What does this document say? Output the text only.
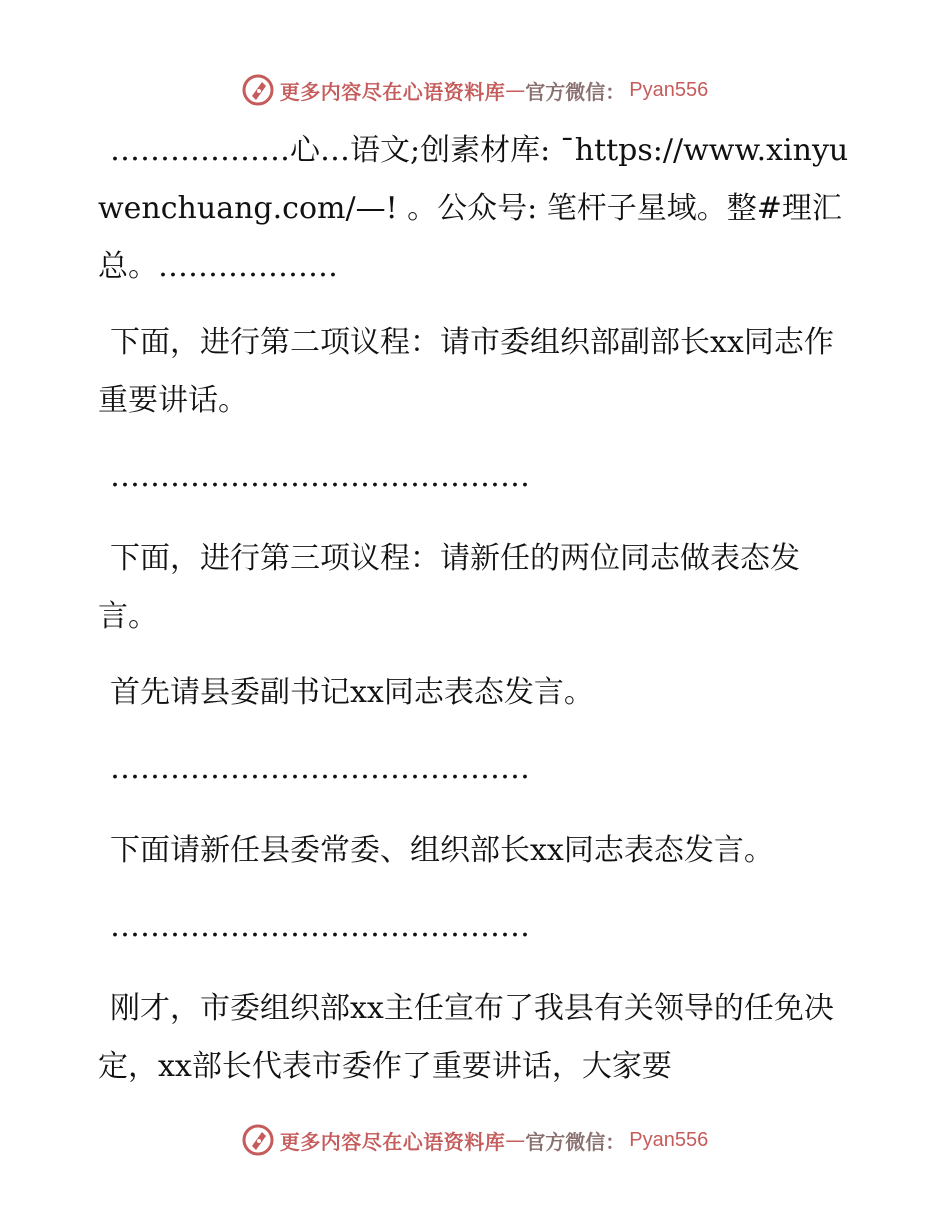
更多内容尽在心语资料库 — 官方微信： Pyan556

………………心…语文;创素材库: ¯https://www.xinyuwenchuang.com/—! 。公众号: 笔杆子星域。整#理汇总。………………

下面，进行第二项议程：请市委组织部副部长xx同志作重要讲话。

……………………………………

下面，进行第三项议程：请新任的两位同志做表态发言。

首先请县委副书记xx同志表态发言。

……………………………………

下面请新任县委常委、组织部长xx同志表态发言。

……………………………………

刚才，市委组织部xx主任宣布了我县有关领导的任免决定，xx部长代表市委作了重要讲话，大家要

更多内容尽在心语资料库 — 官方微信： Pyan556
